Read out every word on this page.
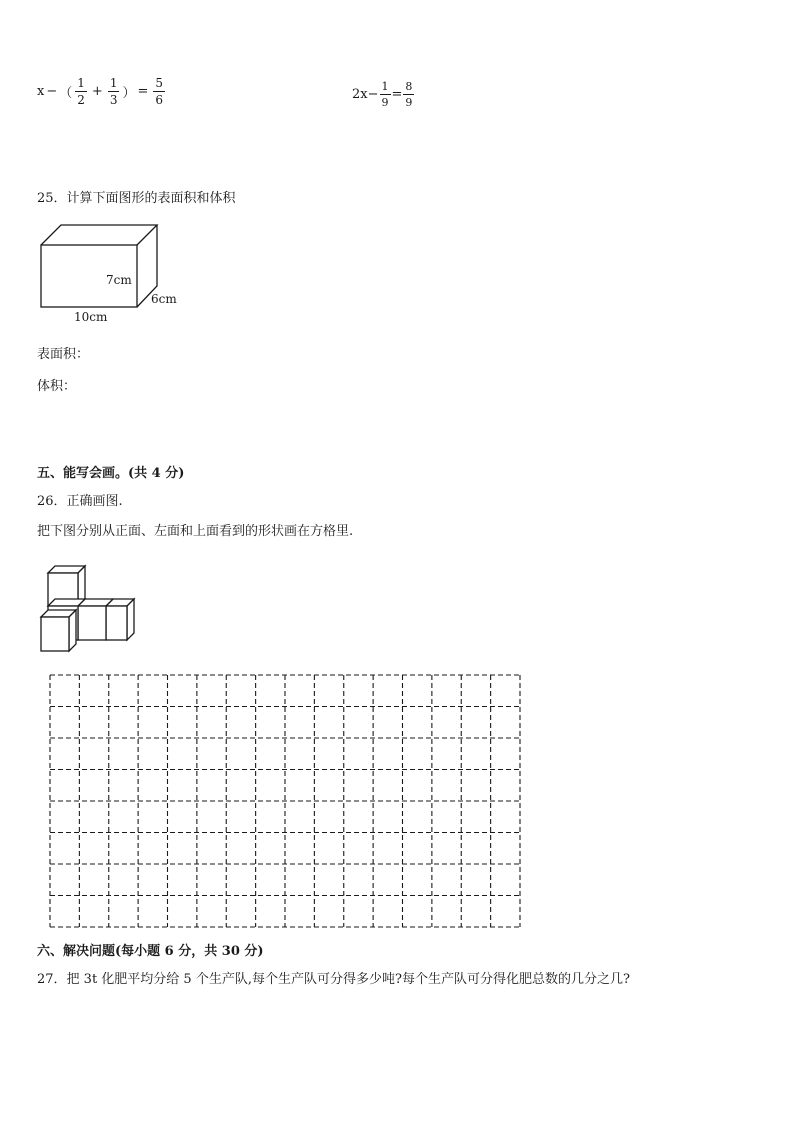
x − （ $\frac{1}{2} + \frac{1}{3}$ ） = $\frac{5}{6}$	$2x - \frac{1}{9} = \frac{8}{9}$
25．计算下面图形的表面积和体积
7cm
6cm
10cm
表面积：
体积：
五、能写会画。(共 4 分)
26．正确画图.
把下图分别从正面、左面和上面看到的形状画在方格里.
六、解决问题(每小题 6 分，共 30 分)
27．把 3t 化肥平均分给 5 个生产队,每个生产队可分得多少吨?每个生产队可分得化肥总数的几分之几?
